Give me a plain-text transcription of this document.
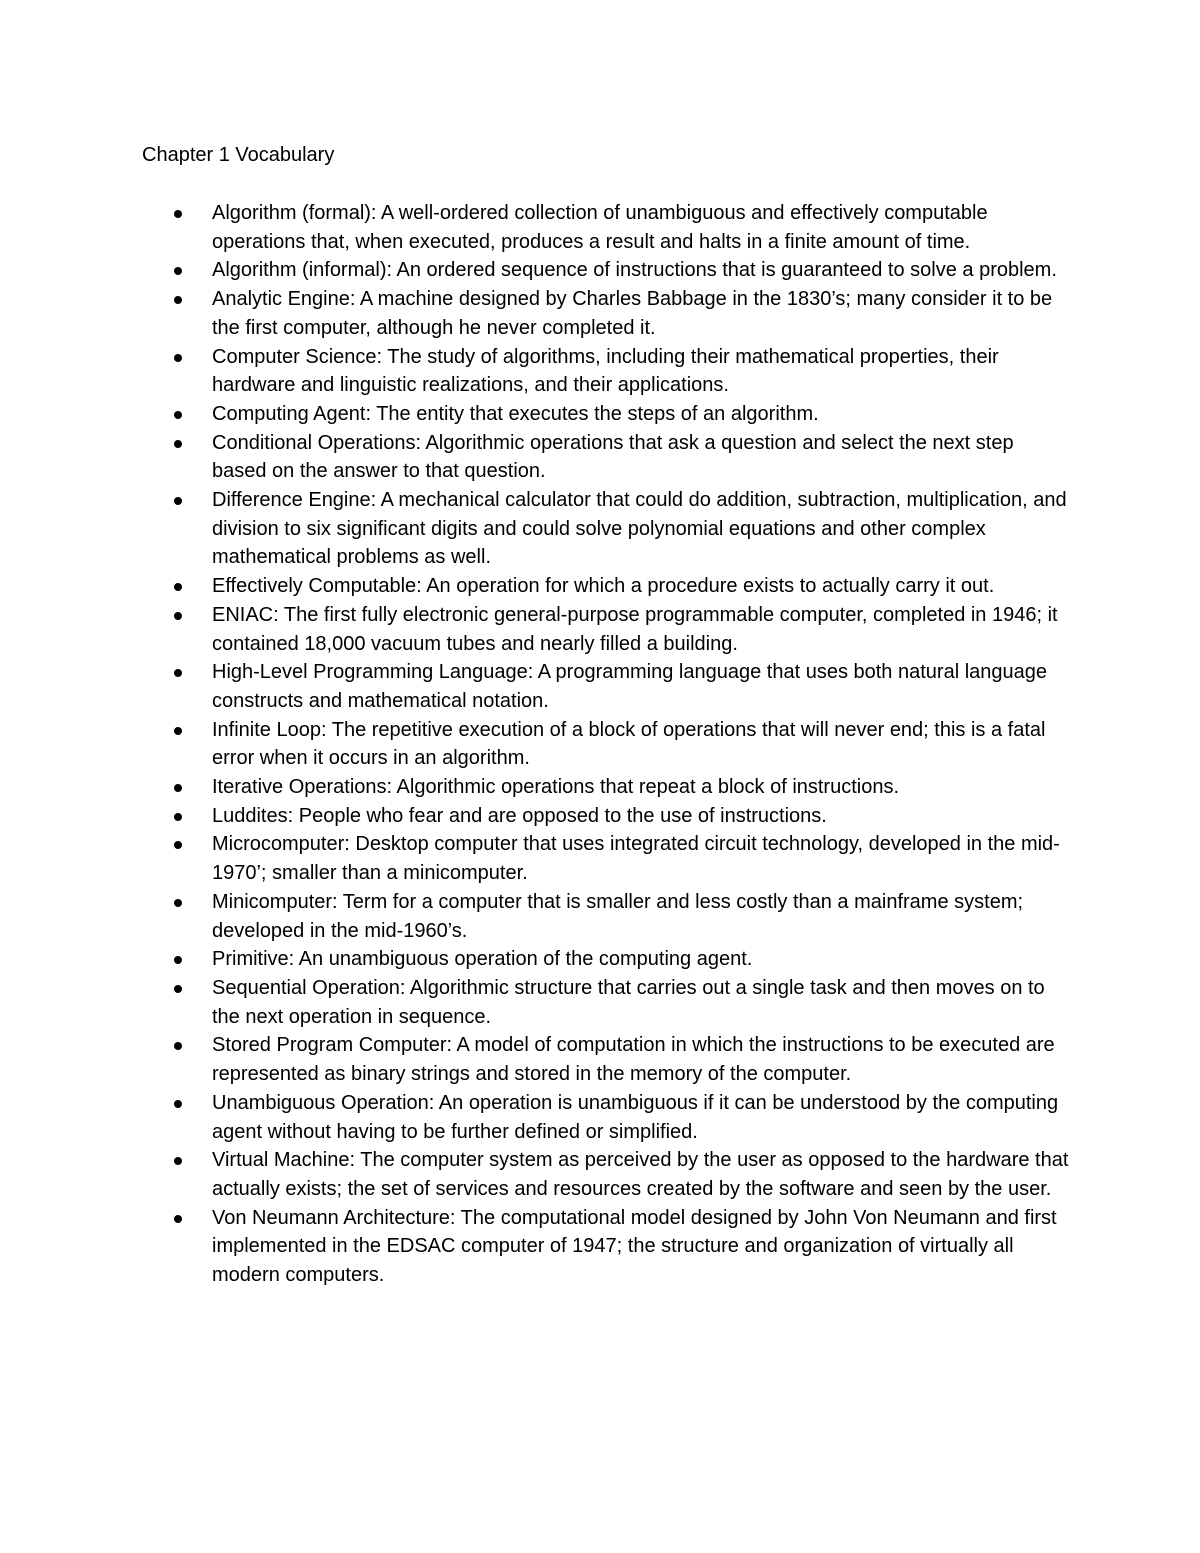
Chapter 1 Vocabulary
Algorithm (formal): A well-ordered collection of unambiguous and effectively computable operations that, when executed, produces a result and halts in a finite amount of time.
Algorithm (informal): An ordered sequence of instructions that is guaranteed to solve a problem.
Analytic Engine: A machine designed by Charles Babbage in the 1830’s; many consider it to be the first computer, although he never completed it.
Computer Science: The study of algorithms, including their mathematical properties, their hardware and linguistic realizations, and their applications.
Computing Agent: The entity that executes the steps of an algorithm.
Conditional Operations: Algorithmic operations that ask a question and select the next step based on the answer to that question.
Difference Engine: A mechanical calculator that could do addition, subtraction, multiplication, and division to six significant digits and could solve polynomial equations and other complex mathematical problems as well.
Effectively Computable: An operation for which a procedure exists to actually carry it out.
ENIAC: The first fully electronic general-purpose programmable computer, completed in 1946; it contained 18,000 vacuum tubes and nearly filled a building.
High-Level Programming Language: A programming language that uses both natural language constructs and mathematical notation.
Infinite Loop: The repetitive execution of a block of operations that will never end; this is a fatal error when it occurs in an algorithm.
Iterative Operations: Algorithmic operations that repeat a block of instructions.
Luddites: People who fear and are opposed to the use of instructions.
Microcomputer: Desktop computer that uses integrated circuit technology, developed in the mid-1970’; smaller than a minicomputer.
Minicomputer: Term for a computer that is smaller and less costly than a mainframe system; developed in the mid-1960’s.
Primitive: An unambiguous operation of the computing agent.
Sequential Operation: Algorithmic structure that carries out a single task and then moves on to the next operation in sequence.
Stored Program Computer: A model of computation in which the instructions to be executed are represented as binary strings and stored in the memory of the computer.
Unambiguous Operation: An operation is unambiguous if it can be understood by the computing agent without having to be further defined or simplified.
Virtual Machine: The computer system as perceived by the user as opposed to the hardware that actually exists; the set of services and resources created by the software and seen by the user.
Von Neumann Architecture: The computational model designed by John Von Neumann and first implemented in the EDSAC computer of 1947; the structure and organization of virtually all modern computers.
